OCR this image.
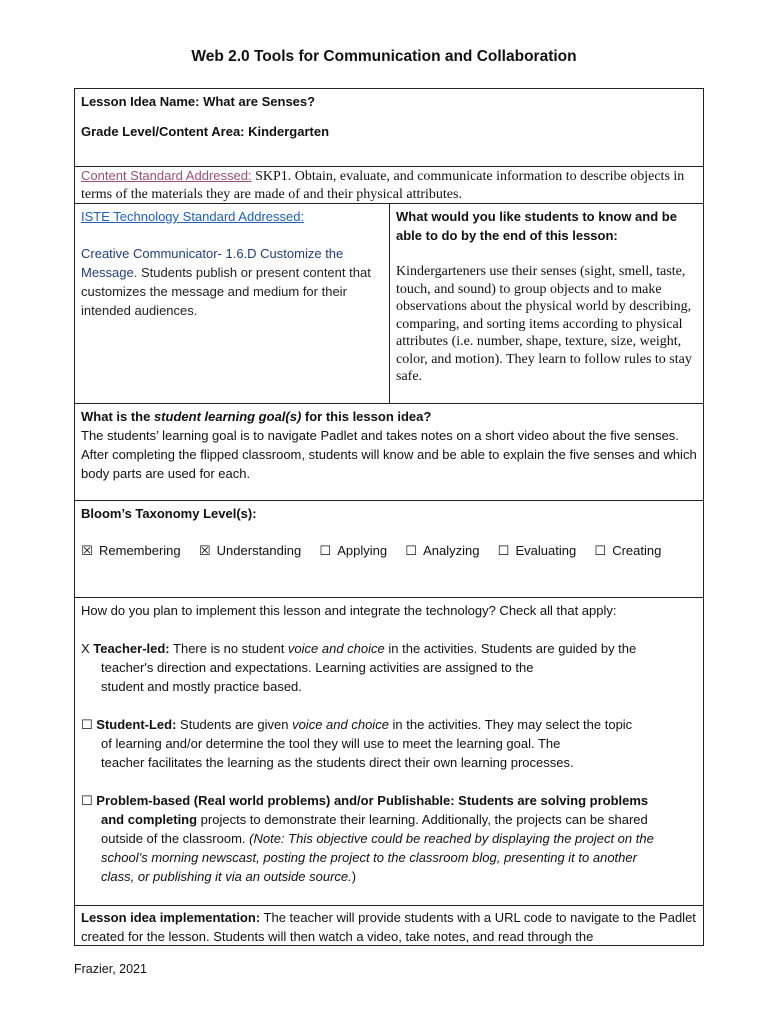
Web 2.0 Tools for Communication and Collaboration

Lesson Idea Name: What are Senses?

Grade Level/Content Area: Kindergarten

Content Standard Addressed: SKP1. Obtain, evaluate, and communicate information to describe objects in terms of the materials they are made of and their physical attributes.

ISTE Technology Standard Addressed:

Creative Communicator- 1.6.D Customize the Message. Students publish or present content that customizes the message and medium for their intended audiences.

What would you like students to know and be able to do by the end of this lesson:

Kindergarteners use their senses (sight, smell, taste, touch, and sound) to group objects and to make observations about the physical world by describing, comparing, and sorting items according to physical attributes (i.e. number, shape, texture, size, weight, color, and motion). They learn to follow rules to stay safe.

What is the student learning goal(s) for this lesson idea?

The students’ learning goal is to navigate Padlet and takes notes on a short video about the five senses. After completing the flipped classroom, students will know and be able to explain the five senses and which body parts are used for each.

Bloom’s Taxonomy Level(s):

☒ Remembering ☒ Understanding ☐ Applying ☐ Analyzing ☐ Evaluating ☐ Creating

How do you plan to implement this lesson and integrate the technology? Check all that apply:

X Teacher-led: There is no student voice and choice in the activities. Students are guided by the

teacher's direction and expectations. Learning activities are assigned to the

student and mostly practice based.

☐ Student-Led: Students are given voice and choice in the activities. They may select the topic

of learning and/or determine the tool they will use to meet the learning goal. The

teacher facilitates the learning as the students direct their own learning processes.

☐ Problem-based (Real world problems) and/or Publishable: Students are solving problems

and completing projects to demonstrate their learning. Additionally, the projects can be shared

outside of the classroom. (Note: This objective could be reached by displaying the project on the

school’s morning newscast, posting the project to the classroom blog, presenting it to another

class, or publishing it via an outside source.)

Lesson idea implementation: The teacher will provide students with a URL code to navigate to the Padlet created for the lesson. Students will then watch a video, take notes, and read through the

Frazier, 2021
